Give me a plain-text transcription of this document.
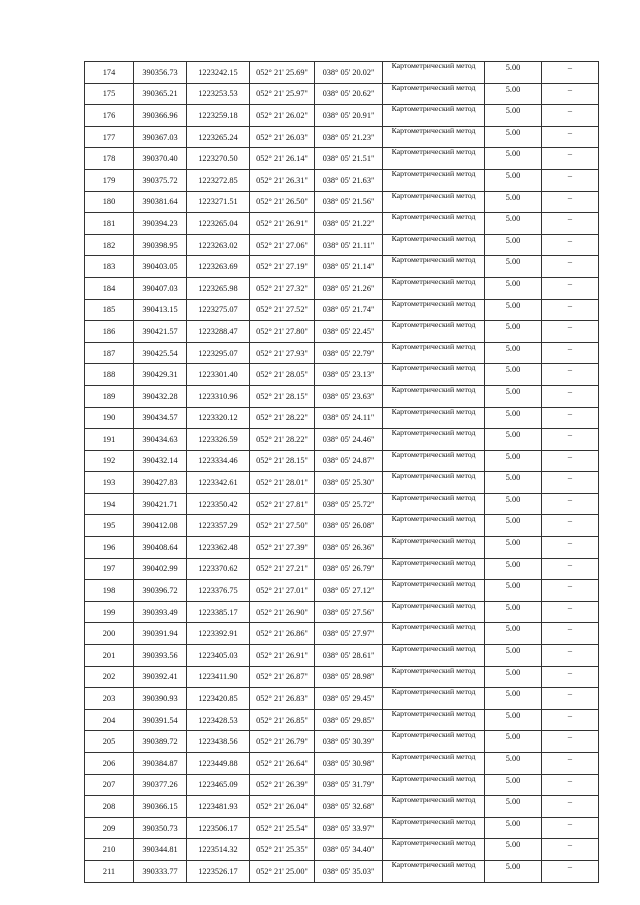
174	390356.73	1223242.15	052° 21' 25.69"	038° 05' 20.02"	Картометрический метод	5.00	–
175	390365.21	1223253.53	052° 21' 25.97"	038° 05' 20.62"	Картометрический метод	5.00	–
176	390366.96	1223259.18	052° 21' 26.02"	038° 05' 20.91"	Картометрический метод	5.00	–
177	390367.03	1223265.24	052° 21' 26.03"	038° 05' 21.23"	Картометрический метод	5.00	–
178	390370.40	1223270.50	052° 21' 26.14"	038° 05' 21.51"	Картометрический метод	5.00	–
179	390375.72	1223272.85	052° 21' 26.31"	038° 05' 21.63"	Картометрический метод	5.00	–
180	390381.64	1223271.51	052° 21' 26.50"	038° 05' 21.56"	Картометрический метод	5.00	–
181	390394.23	1223265.04	052° 21' 26.91"	038° 05' 21.22"	Картометрический метод	5.00	–
182	390398.95	1223263.02	052° 21' 27.06"	038° 05' 21.11"	Картометрический метод	5.00	–
183	390403.05	1223263.69	052° 21' 27.19"	038° 05' 21.14"	Картометрический метод	5.00	–
184	390407.03	1223265.98	052° 21' 27.32"	038° 05' 21.26"	Картометрический метод	5.00	–
185	390413.15	1223275.07	052° 21' 27.52"	038° 05' 21.74"	Картометрический метод	5.00	–
186	390421.57	1223288.47	052° 21' 27.80"	038° 05' 22.45"	Картометрический метод	5.00	–
187	390425.54	1223295.07	052° 21' 27.93"	038° 05' 22.79"	Картометрический метод	5.00	–
188	390429.31	1223301.40	052° 21' 28.05"	038° 05' 23.13"	Картометрический метод	5.00	–
189	390432.28	1223310.96	052° 21' 28.15"	038° 05' 23.63"	Картометрический метод	5.00	–
190	390434.57	1223320.12	052° 21' 28.22"	038° 05' 24.11"	Картометрический метод	5.00	–
191	390434.63	1223326.59	052° 21' 28.22"	038° 05' 24.46"	Картометрический метод	5.00	–
192	390432.14	1223334.46	052° 21' 28.15"	038° 05' 24.87"	Картометрический метод	5.00	–
193	390427.83	1223342.61	052° 21' 28.01"	038° 05' 25.30"	Картометрический метод	5.00	–
194	390421.71	1223350.42	052° 21' 27.81"	038° 05' 25.72"	Картометрический метод	5.00	–
195	390412.08	1223357.29	052° 21' 27.50"	038° 05' 26.08"	Картометрический метод	5.00	–
196	390408.64	1223362.48	052° 21' 27.39"	038° 05' 26.36"	Картометрический метод	5.00	–
197	390402.99	1223370.62	052° 21' 27.21"	038° 05' 26.79"	Картометрический метод	5.00	–
198	390396.72	1223376.75	052° 21' 27.01"	038° 05' 27.12"	Картометрический метод	5.00	–
199	390393.49	1223385.17	052° 21' 26.90"	038° 05' 27.56"	Картометрический метод	5.00	–
200	390391.94	1223392.91	052° 21' 26.86"	038° 05' 27.97"	Картометрический метод	5.00	–
201	390393.56	1223405.03	052° 21' 26.91"	038° 05' 28.61"	Картометрический метод	5.00	–
202	390392.41	1223411.90	052° 21' 26.87"	038° 05' 28.98"	Картометрический метод	5.00	–
203	390390.93	1223420.85	052° 21' 26.83"	038° 05' 29.45"	Картометрический метод	5.00	–
204	390391.54	1223428.53	052° 21' 26.85"	038° 05' 29.85"	Картометрический метод	5.00	–
205	390389.72	1223438.56	052° 21' 26.79"	038° 05' 30.39"	Картометрический метод	5.00	–
206	390384.87	1223449.88	052° 21' 26.64"	038° 05' 30.98"	Картометрический метод	5.00	–
207	390377.26	1223465.09	052° 21' 26.39"	038° 05' 31.79"	Картометрический метод	5.00	–
208	390366.15	1223481.93	052° 21' 26.04"	038° 05' 32.68"	Картометрический метод	5.00	–
209	390350.73	1223506.17	052° 21' 25.54"	038° 05' 33.97"	Картометрический метод	5.00	–
210	390344.81	1223514.32	052° 21' 25.35"	038° 05' 34.40"	Картометрический метод	5.00	–
211	390333.77	1223526.17	052° 21' 25.00"	038° 05' 35.03"	Картометрический метод	5.00	–
